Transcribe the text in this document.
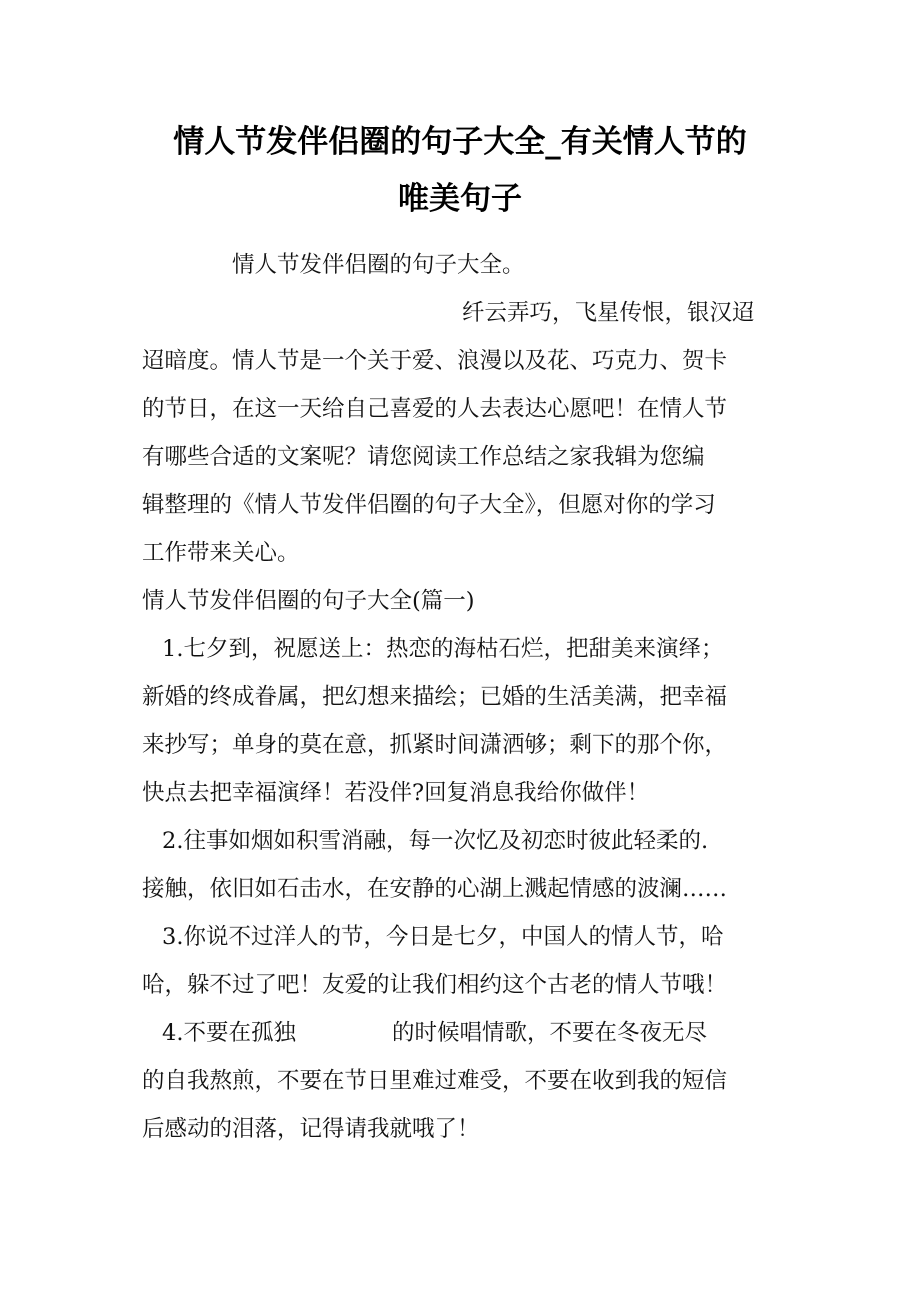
情人节发伴侣圈的句子大全_有关情人节的
唯美句子
情人节发伴侣圈的句子大全。
纤云弄巧，飞星传恨，银汉迢
迢暗度。情人节是一个关于爱、浪漫以及花、巧克力、贺卡
的节日，在这一天给自己喜爱的人去表达心愿吧！在情人节
有哪些合适的文案呢？请您阅读工作总结之家我辑为您编
辑整理的《情人节发伴侣圈的句子大全》，但愿对你的学习
工作带来关心。
情人节发伴侣圈的句子大全(篇一)
1.七夕到，祝愿送上：热恋的海枯石烂，把甜美来演绎；
新婚的终成眷属，把幻想来描绘；已婚的生活美满，把幸福
来抄写；单身的莫在意，抓紧时间潇洒够；剩下的那个你，
快点去把幸福演绎！若没伴?回复消息我给你做伴！
2.往事如烟如积雪消融，每一次忆及初恋时彼此轻柔的.
接触，依旧如石击水，在安静的心湖上溅起情感的波澜……
3.你说不过洋人的节，今日是七夕，中国人的情人节，哈
哈，躲不过了吧！友爱的让我们相约这个古老的情人节哦！
4.不要在孤独	的时候唱情歌，不要在冬夜无尽
的自我熬煎，不要在节日里难过难受，不要在收到我的短信
后感动的泪落，记得请我就哦了！
